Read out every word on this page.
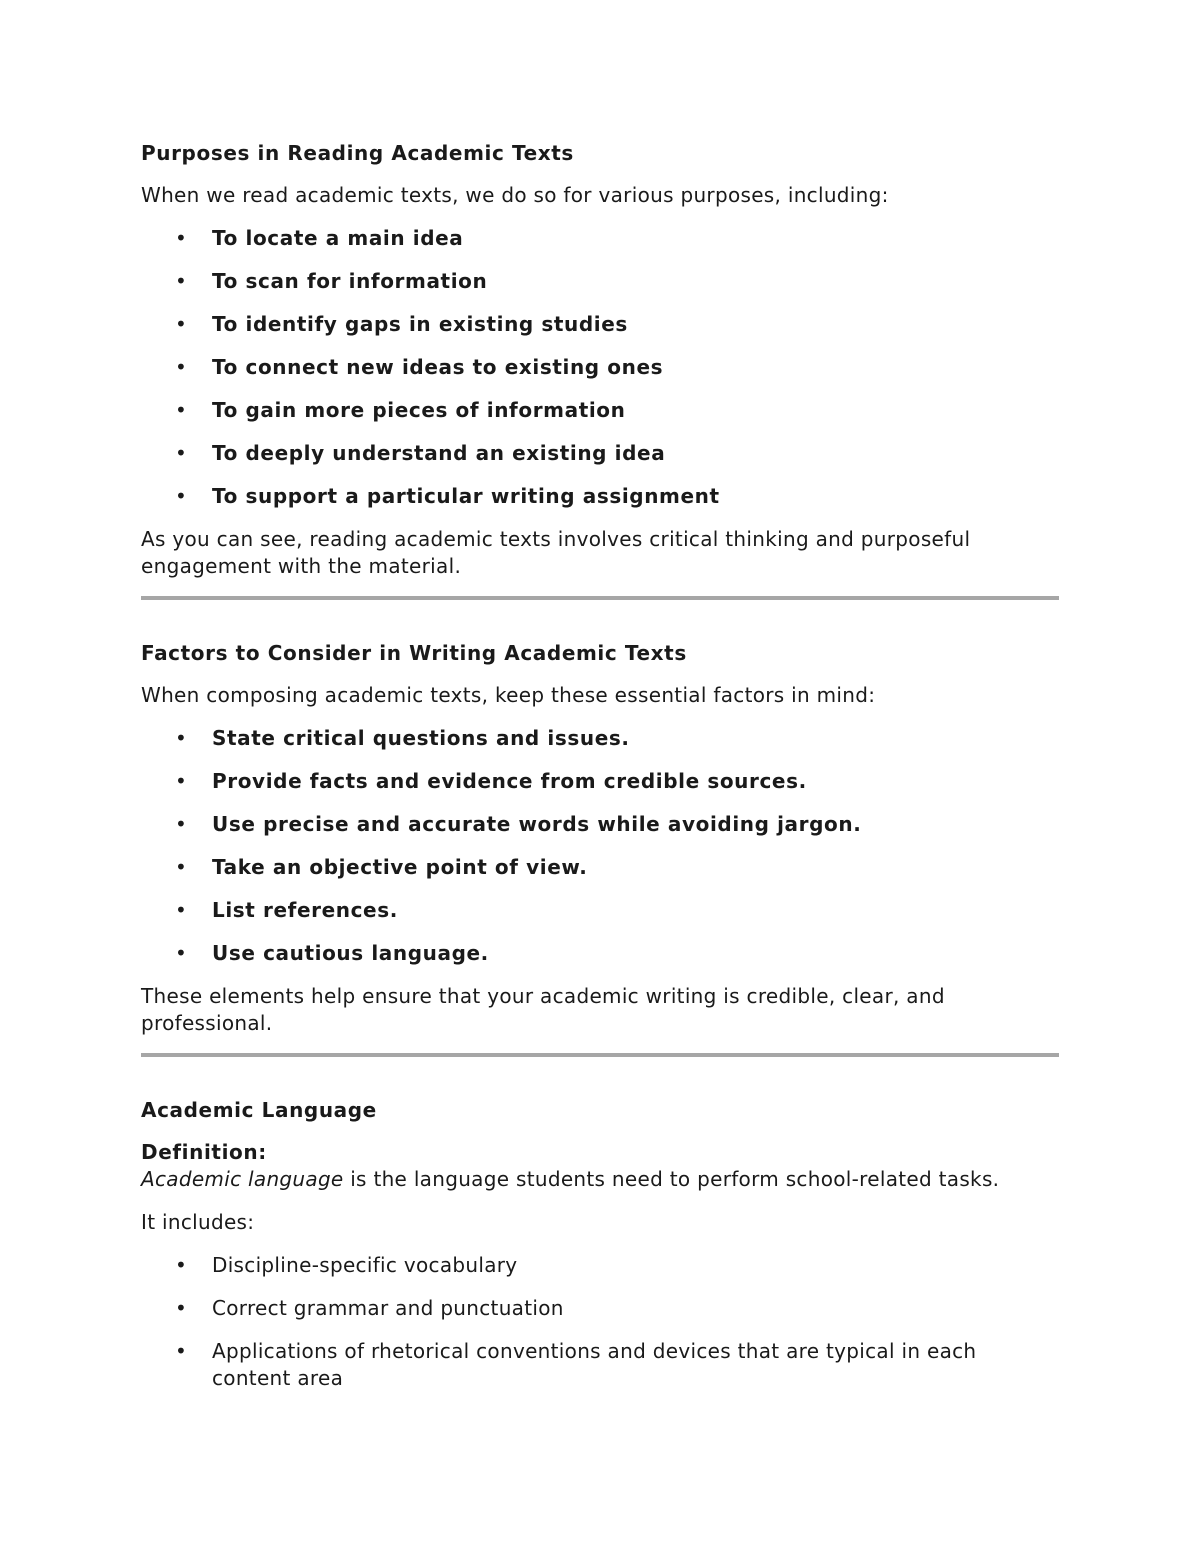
Purposes in Reading Academic Texts
When we read academic texts, we do so for various purposes, including:
• To locate a main idea
• To scan for information
• To identify gaps in existing studies
• To connect new ideas to existing ones
• To gain more pieces of information
• To deeply understand an existing idea
• To support a particular writing assignment
As you can see, reading academic texts involves critical thinking and purposeful engagement with the material.
Factors to Consider in Writing Academic Texts
When composing academic texts, keep these essential factors in mind:
• State critical questions and issues.
• Provide facts and evidence from credible sources.
• Use precise and accurate words while avoiding jargon.
• Take an objective point of view.
• List references.
• Use cautious language.
These elements help ensure that your academic writing is credible, clear, and professional.
Academic Language
Definition:
Academic language is the language students need to perform school-related tasks.
It includes:
• Discipline-specific vocabulary
• Correct grammar and punctuation
• Applications of rhetorical conventions and devices that are typical in each content area
